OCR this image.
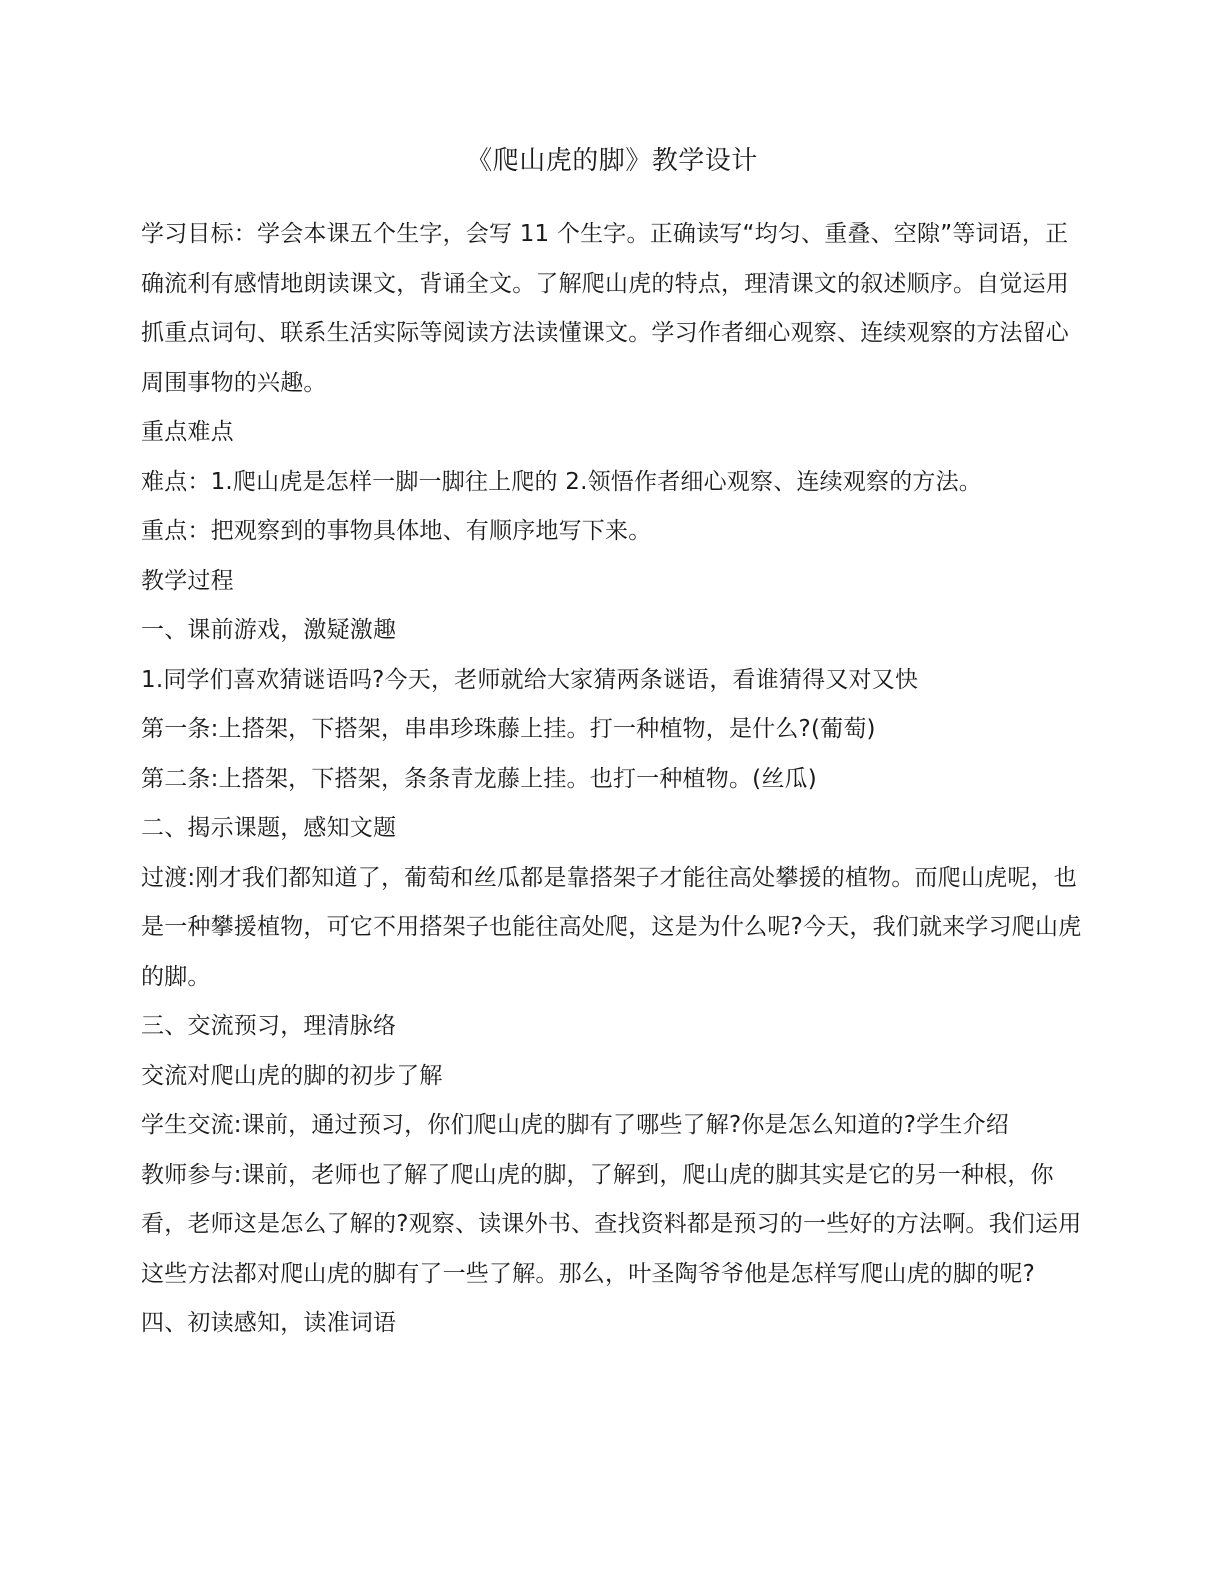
《爬山虎的脚》教学设计

学习目标：学会本课五个生字，会写 11 个生字。正确读写“均匀、重叠、空隙”等词语，正确流利有感情地朗读课文，背诵全文。了解爬山虎的特点，理清课文的叙述顺序。自觉运用抓重点词句、联系生活实际等阅读方法读懂课文。学习作者细心观察、连续观察的方法留心周围事物的兴趣。

重点难点

难点：1.爬山虎是怎样一脚一脚往上爬的 2.领悟作者细心观察、连续观察的方法。

重点：把观察到的事物具体地、有顺序地写下来。

教学过程

一、课前游戏，激疑激趣

1.同学们喜欢猜谜语吗?今天，老师就给大家猜两条谜语，看谁猜得又对又快

第一条:上搭架，下搭架，串串珍珠藤上挂。打一种植物，是什么?(葡萄)

第二条:上搭架，下搭架，条条青龙藤上挂。也打一种植物。(丝瓜)

二、揭示课题，感知文题

过渡:刚才我们都知道了，葡萄和丝瓜都是靠搭架子才能往高处攀援的植物。而爬山虎呢，也是一种攀援植物，可它不用搭架子也能往高处爬，这是为什么呢?今天，我们就来学习爬山虎的脚。

三、交流预习，理清脉络

交流对爬山虎的脚的初步了解

学生交流:课前，通过预习，你们爬山虎的脚有了哪些了解?你是怎么知道的?学生介绍

教师参与:课前，老师也了解了爬山虎的脚，了解到，爬山虎的脚其实是它的另一种根，你看，老师这是怎么了解的?观察、读课外书、查找资料都是预习的一些好的方法啊。我们运用这些方法都对爬山虎的脚有了一些了解。那么，叶圣陶爷爷他是怎样写爬山虎的脚的呢?

四、初读感知，读准词语
